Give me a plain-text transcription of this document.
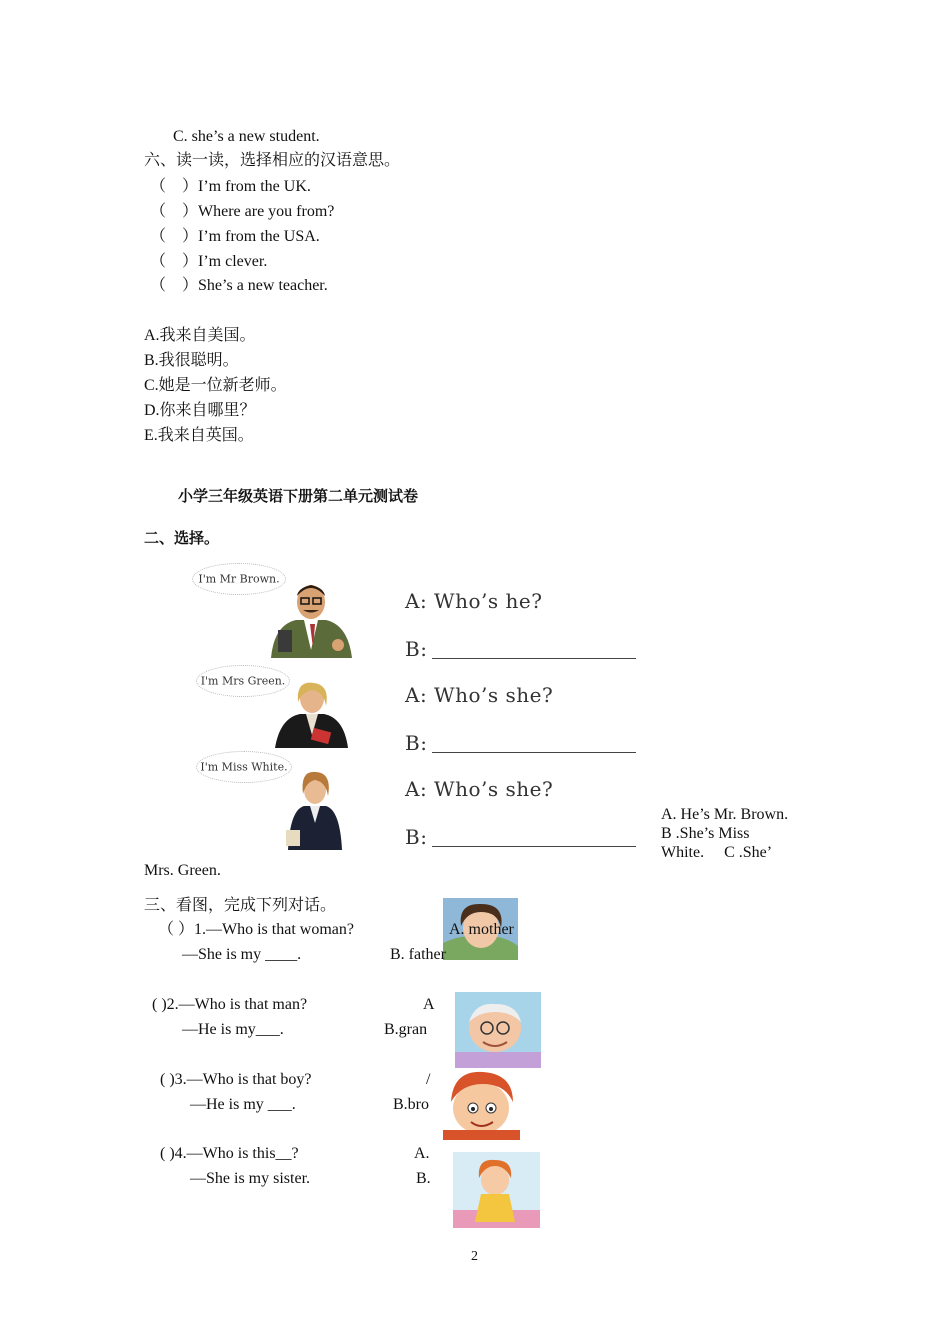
C. she’s a new student.
六、读一读，选择相应的汉语意思。
（　）I’m from the UK.
（　）Where are you from?
（　）I’m from the USA.
（　）I’m clever.
（　）She’s a new teacher.
A.我来自美国。
B.我很聪明。
C.她是一位新老师。
D.你来自哪里？
E.我来自英国。
小学三年级英语下册第二单元测试卷
二、选择。
I'm Mr Brown.
I'm Mrs Green.
I'm Miss White.
A: Who’s he?
B:
A: Who’s she?
B:
A: Who’s she?
B:
A. He’s Mr. Brown.
B .She’s Miss
White.     C .She’
Mrs. Green.
三、看图，完成下列对话。
（ ）1.—Who is that woman?
—She is my ____.
A. mother
B. father
( )2.—Who is that man?
—He is my___.
A
B.gran
( )3.—Who is that boy?
—He is my ___.
/
B.bro
( )4.—Who is this__?
—She is my sister.
A.
B.
2
